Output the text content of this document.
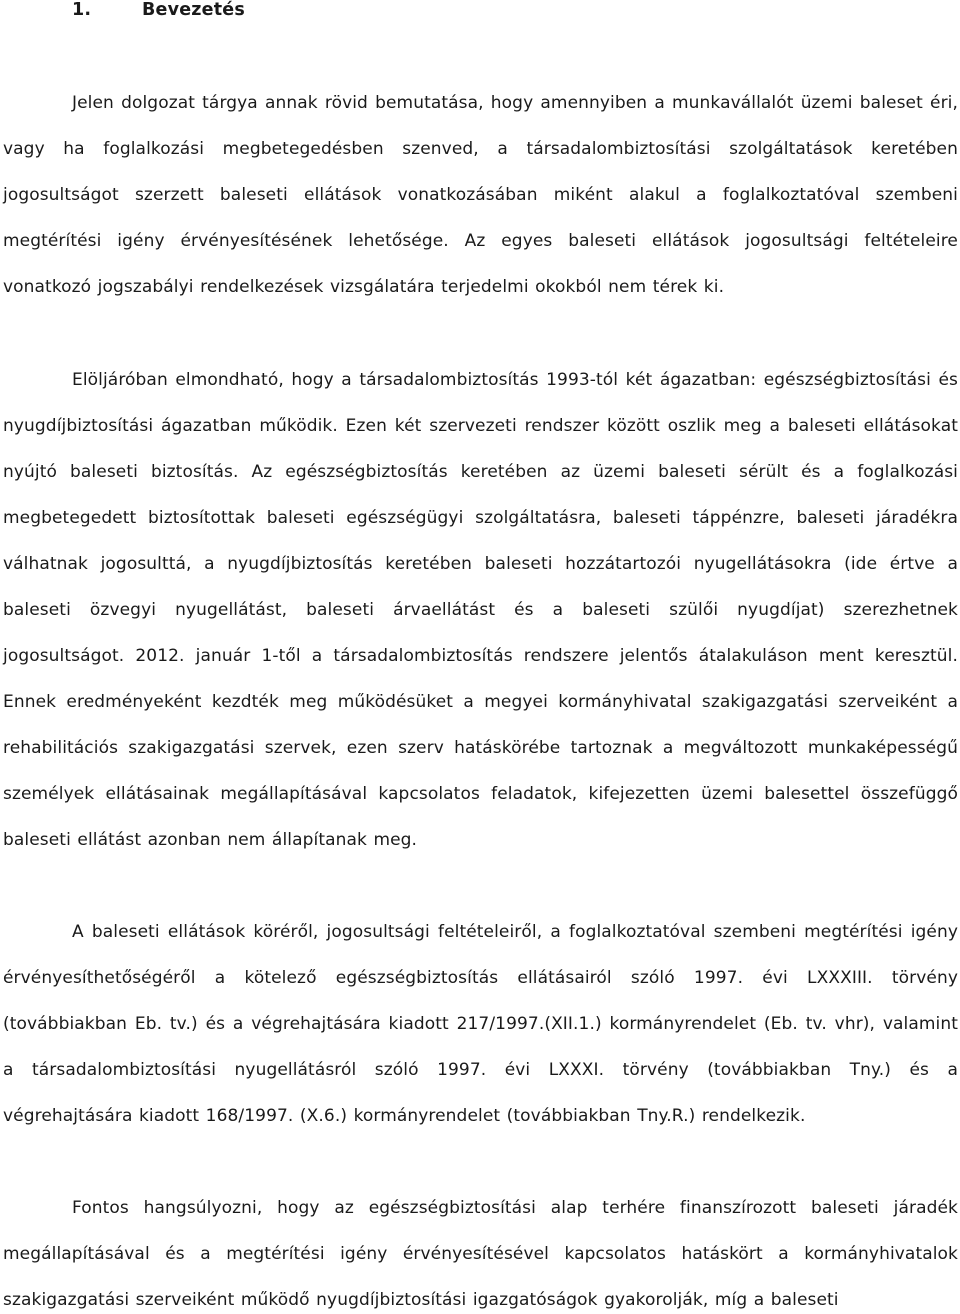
1.	Bevezetés

Jelen dolgozat tárgya annak rövid bemutatása, hogy amennyiben a munkavállalót üzemi baleset éri, vagy ha foglalkozási megbetegedésben szenved, a társadalombiztosítási szolgáltatások keretében jogosultságot szerzett baleseti ellátások vonatkozásában miként alakul a foglalkoztatóval szembeni megtérítési igény érvényesítésének lehetősége. Az egyes baleseti ellátások jogosultsági feltételeire vonatkozó jogszabályi rendelkezések vizsgálatára terjedelmi okokból nem térek ki.

Elöljáróban elmondható, hogy a társadalombiztosítás 1993-tól két ágazatban: egészségbiztosítási és nyugdíjbiztosítási ágazatban működik. Ezen két szervezeti rendszer között oszlik meg a baleseti ellátásokat nyújtó baleseti biztosítás. Az egészségbiztosítás keretében az üzemi baleseti sérült és a foglalkozási megbetegedett biztosítottak baleseti egészségügyi szolgáltatásra, baleseti táppénzre, baleseti járadékra válhatnak jogosulttá, a nyugdíjbiztosítás keretében baleseti hozzátartozói nyugellátásokra (ide értve a baleseti özvegyi nyugellátást, baleseti árvaellátást és a baleseti szülői nyugdíjat) szerezhetnek jogosultságot. 2012. január 1-től a társadalombiztosítás rendszere jelentős átalakuláson ment keresztül. Ennek eredményeként kezdték meg működésüket a megyei kormányhivatal szakigazgatási szerveiként a rehabilitációs szakigazgatási szervek, ezen szerv hatáskörébe tartoznak a megváltozott munkaképességű személyek ellátásainak megállapításával kapcsolatos feladatok, kifejezetten üzemi balesettel összefüggő baleseti ellátást azonban nem állapítanak meg.

A baleseti ellátások köréről, jogosultsági feltételeiről, a foglalkoztatóval szembeni megtérítési igény érvényesíthetőségéről a kötelező egészségbiztosítás ellátásairól szóló 1997. évi LXXXIII. törvény (továbbiakban Eb. tv.) és a végrehajtására kiadott 217/1997.(XII.1.) kormányrendelet (Eb. tv. vhr), valamint a társadalombiztosítási nyugellátásról szóló 1997. évi LXXXI. törvény (továbbiakban Tny.) és a végrehajtására kiadott 168/1997. (X.6.) kormányrendelet (továbbiakban Tny.R.) rendelkezik.

Fontos hangsúlyozni, hogy az egészségbiztosítási alap terhére finanszírozott baleseti járadék megállapításával és a megtérítési igény érvényesítésével kapcsolatos hatáskört a kormányhivatalok szakigazgatási szerveiként működő nyugdíjbiztosítási igazgatóságok gyakorolják, míg a baleseti
